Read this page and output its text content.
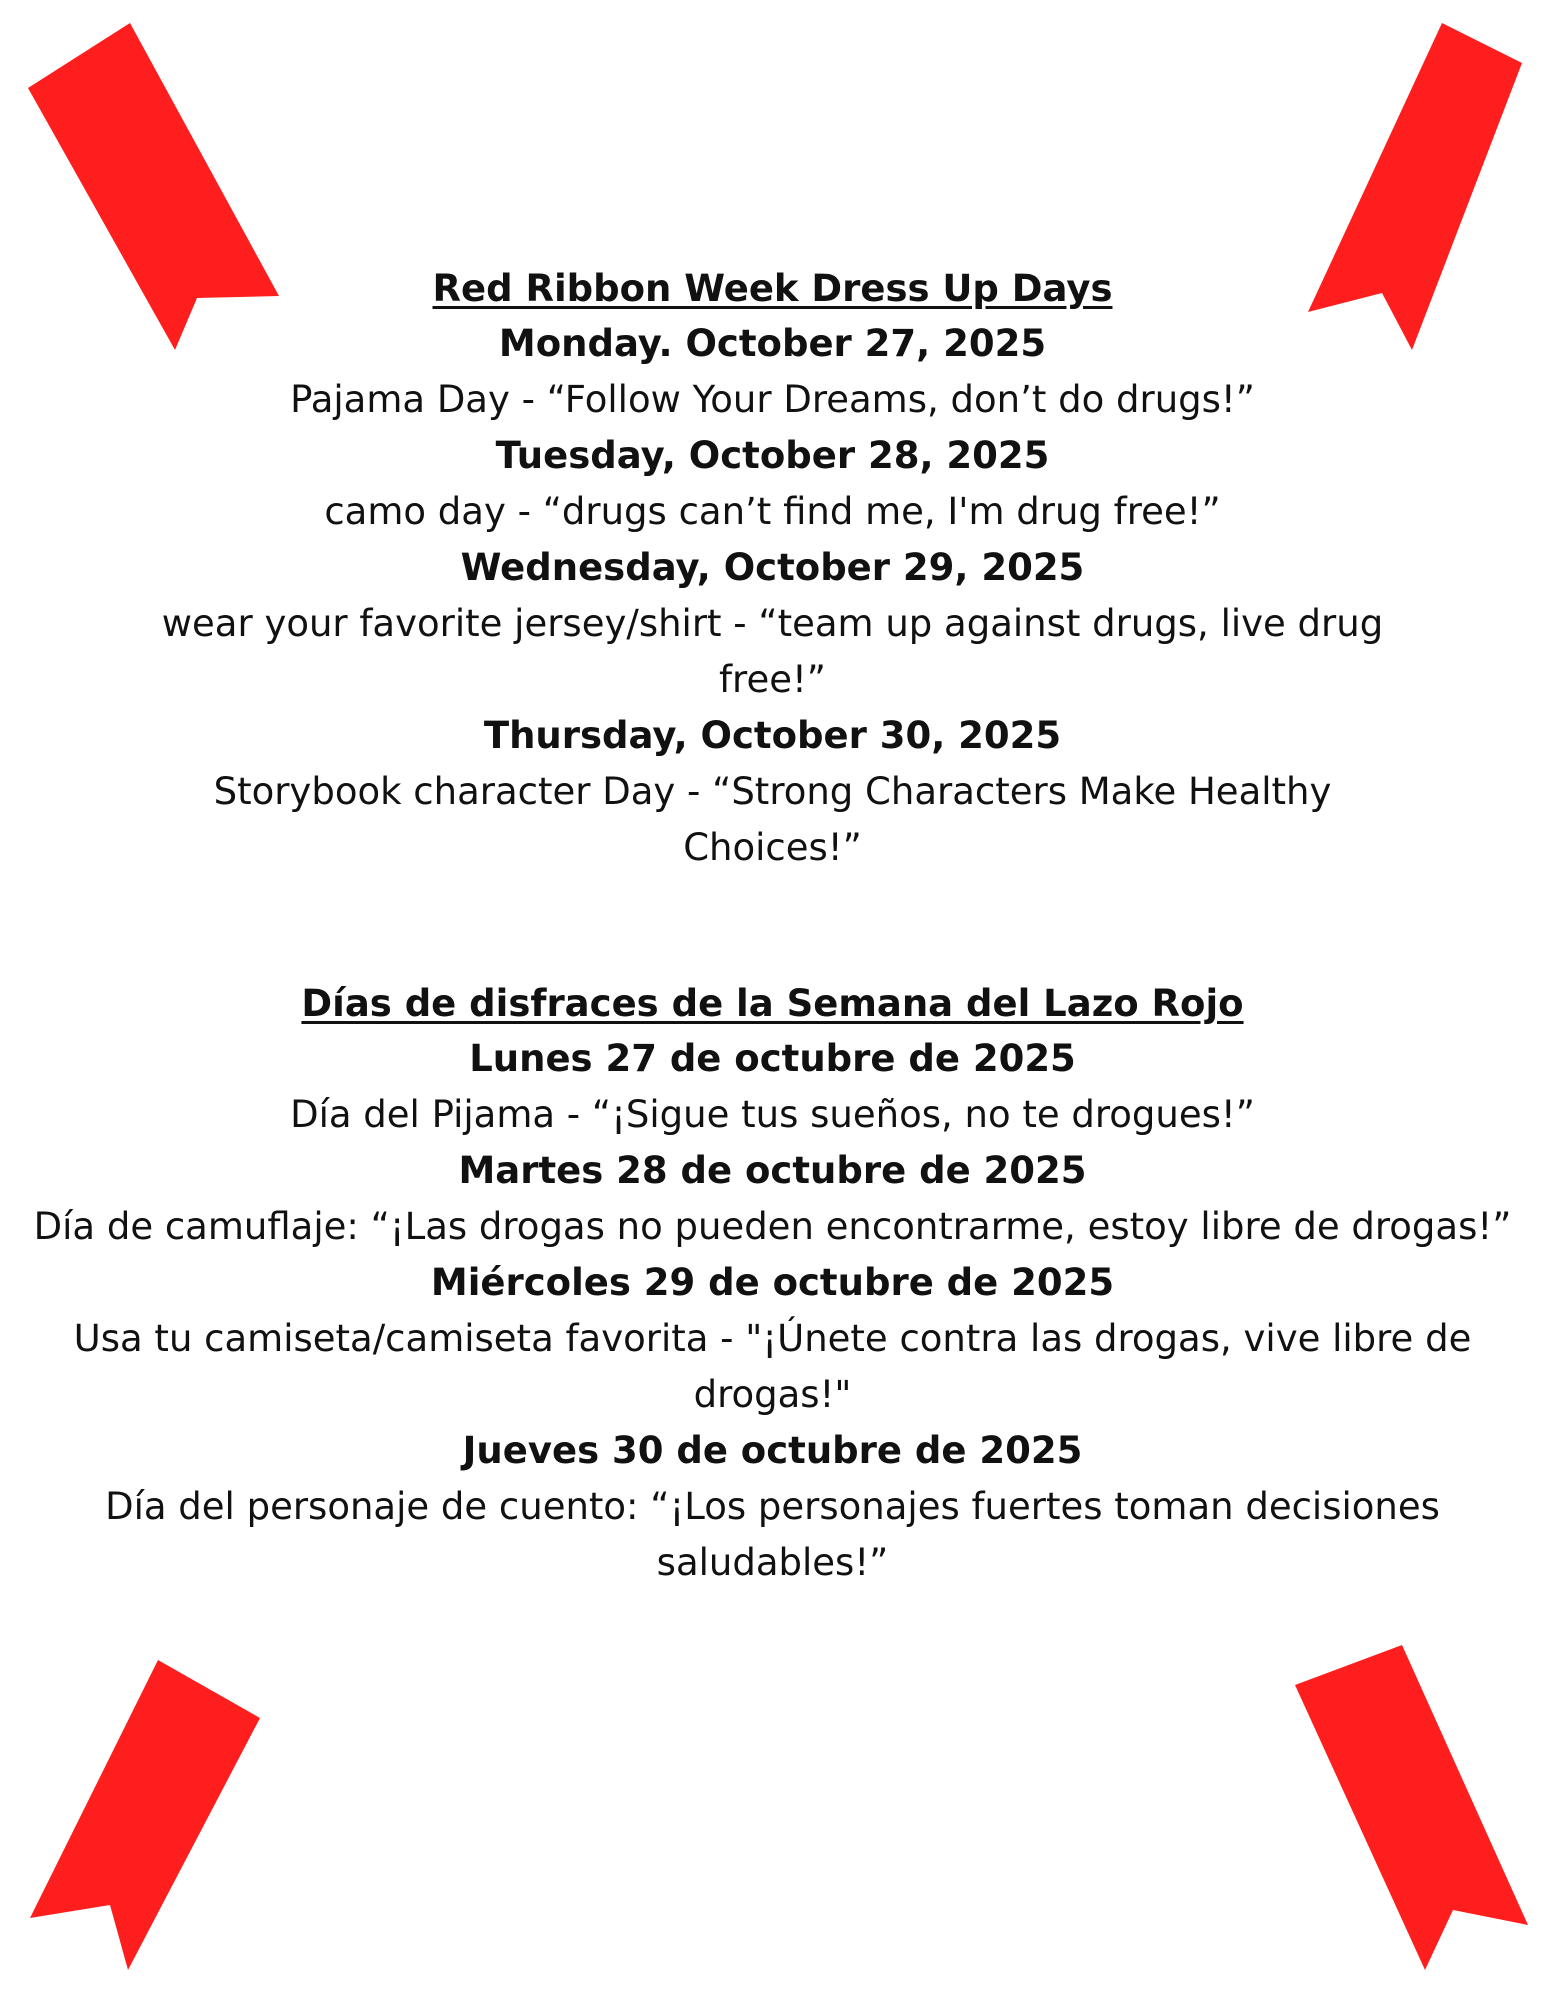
Red Ribbon Week Dress Up Days

Monday. October 27, 2025

Pajama Day - “Follow Your Dreams, don’t do drugs!”

Tuesday, October 28, 2025

camo day - “drugs can’t find me, I'm drug free!”

Wednesday, October 29, 2025

wear your favorite jersey/shirt - “team up against drugs, live drug free!”

Thursday, October 30, 2025

Storybook character Day - “Strong Characters Make Healthy Choices!”

Días de disfraces de la Semana del Lazo Rojo

Lunes 27 de octubre de 2025

Día del Pijama - “¡Sigue tus sueños, no te drogues!”

Martes 28 de octubre de 2025

Día de camuflaje: “¡Las drogas no pueden encontrarme, estoy libre de drogas!”

Miércoles 29 de octubre de 2025

Usa tu camiseta/camiseta favorita - "¡Únete contra las drogas, vive libre de drogas!"

Jueves 30 de octubre de 2025

Día del personaje de cuento: “¡Los personajes fuertes toman decisiones saludables!”
